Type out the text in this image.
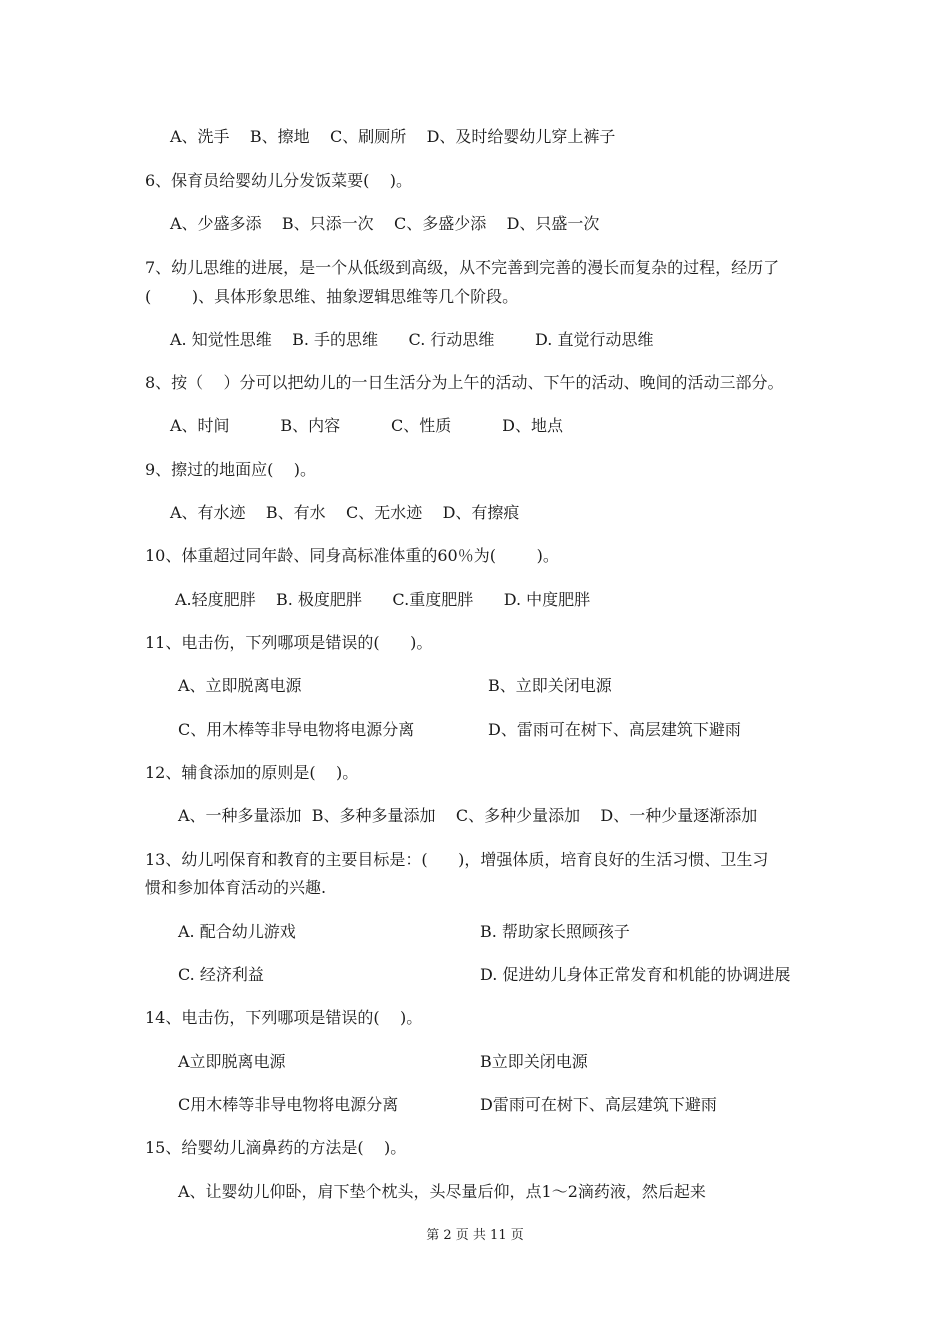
A、洗手    B、擦地    C、刷厕所    D、及时给婴幼儿穿上裤子
6、保育员给婴幼儿分发饭菜要(    )。
A、少盛多添    B、只添一次    C、多盛少添    D、只盛一次
7、幼儿思维的进展，是一个从低级到高级，从不完善到完善的漫长而复杂的过程，经历了
(        )、具体形象思维、抽象逻辑思维等几个阶段。
A. 知觉性思维    B. 手的思维      C. 行动思维        D. 直觉行动思维
8、按（    ）分可以把幼儿的一日生活分为上午的活动、下午的活动、晚间的活动三部分。
A、时间          B、内容          C、性质          D、地点
9、擦过的地面应(    )。
A、有水迹    B、有水    C、无水迹    D、有擦痕
10、体重超过同年龄、同身高标准体重的60％为(        )。
A.轻度肥胖    B. 极度肥胖      C.重度肥胖      D. 中度肥胖
11、电击伤，下列哪项是错误的(      )。
A、立即脱离电源	B、立即关闭电源
C、用木棒等非导电物将电源分离	D、雷雨可在树下、高层建筑下避雨
12、辅食添加的原则是(    )。
A、一种多量添加  B、多种多量添加    C、多种少量添加    D、一种少量逐渐添加
13、幼儿吲保育和教育的主要目标是：(      )，增强体质，培育良好的生活习惯、卫生习
惯和参加体育活动的兴趣.
A. 配合幼儿游戏	B. 帮助家长照顾孩子
C. 经济利益	D. 促进幼儿身体正常发育和机能的协调进展
14、电击伤，下列哪项是错误的(    )。
A立即脱离电源	B立即关闭电源
C用木棒等非导电物将电源分离	D雷雨可在树下、高层建筑下避雨
15、给婴幼儿滴鼻药的方法是(    )。
A、让婴幼儿仰卧，肩下垫个枕头，头尽量后仰，点1～2滴药液，然后起来
第 2 页 共 11 页
